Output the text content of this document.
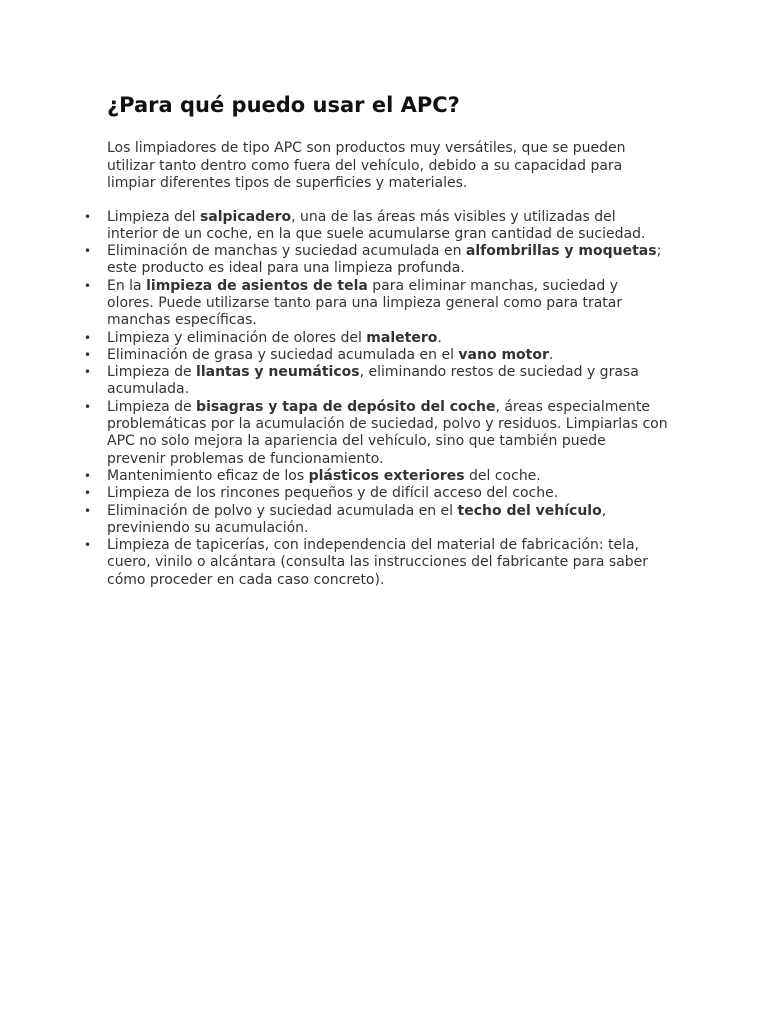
¿Para qué puedo usar el APC?

Los limpiadores de tipo APC son productos muy versátiles, que se pueden utilizar tanto dentro como fuera del vehículo, debido a su capacidad para limpiar diferentes tipos de superficies y materiales.

• Limpieza del salpicadero, una de las áreas más visibles y utilizadas del interior de un coche, en la que suele acumularse gran cantidad de suciedad.
• Eliminación de manchas y suciedad acumulada en alfombrillas y moquetas; este producto es ideal para una limpieza profunda.
• En la limpieza de asientos de tela para eliminar manchas, suciedad y olores. Puede utilizarse tanto para una limpieza general como para tratar manchas específicas.
• Limpieza y eliminación de olores del maletero.
• Eliminación de grasa y suciedad acumulada en el vano motor.
• Limpieza de llantas y neumáticos, eliminando restos de suciedad y grasa acumulada.
• Limpieza de bisagras y tapa de depósito del coche, áreas especialmente problemáticas por la acumulación de suciedad, polvo y residuos. Limpiarlas con APC no solo mejora la apariencia del vehículo, sino que también puede prevenir problemas de funcionamiento.
• Mantenimiento eficaz de los plásticos exteriores del coche.
• Limpieza de los rincones pequeños y de difícil acceso del coche.
• Eliminación de polvo y suciedad acumulada en el techo del vehículo, previniendo su acumulación.
• Limpieza de tapicerías, con independencia del material de fabricación: tela, cuero, vinilo o alcántara (consulta las instrucciones del fabricante para saber cómo proceder en cada caso concreto).
